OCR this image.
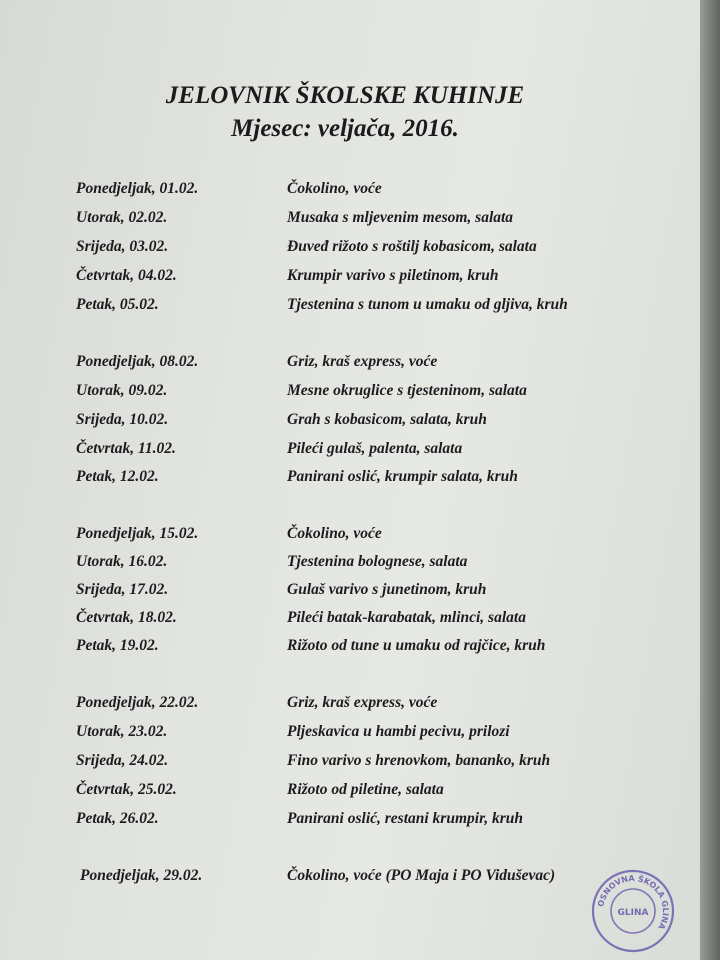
JELOVNIK ŠKOLSKE KUHINJE
Mjesec: veljača, 2016.
Ponedjeljak, 01.02.	Čokolino, voće
Utorak, 02.02.	Musaka s mljevenim mesom, salata
Srijeda, 03.02.	Đuveđ rižoto s roštilj kobasicom, salata
Četvrtak, 04.02.	Krumpir varivo s piletinom, kruh
Petak, 05.02.	Tjestenina s tunom u umaku od gljiva, kruh
Ponedjeljak, 08.02.	Griz, kraš express, voće
Utorak, 09.02.	Mesne okruglice s tjesteninom, salata
Srijeda, 10.02.	Grah s kobasicom, salata, kruh
Četvrtak, 11.02.	Pileći gulaš, palenta, salata
Petak, 12.02.	Panirani oslić, krumpir salata, kruh
Ponedjeljak, 15.02.	Čokolino, voće
Utorak, 16.02.	Tjestenina bolognese, salata
Srijeda, 17.02.	Gulaš varivo s junetinom, kruh
Četvrtak, 18.02.	Pileći batak-karabatak, mlinci, salata
Petak, 19.02.	Rižoto od tune u umaku od rajčice, kruh
Ponedjeljak, 22.02.	Griz, kraš express, voće
Utorak, 23.02.	Pljeskavica u hambi pecivu, prilozi
Srijeda, 24.02.	Fino varivo s hrenovkom, bananko, kruh
Četvrtak, 25.02.	Rižoto od piletine, salata
Petak, 26.02.	Panirani oslić, restani krumpir, kruh
Ponedjeljak, 29.02.	Čokolino, voće (PO Maja i PO Viduševac)
OSNOVNA ŠKOLA GLINA
GLINA
